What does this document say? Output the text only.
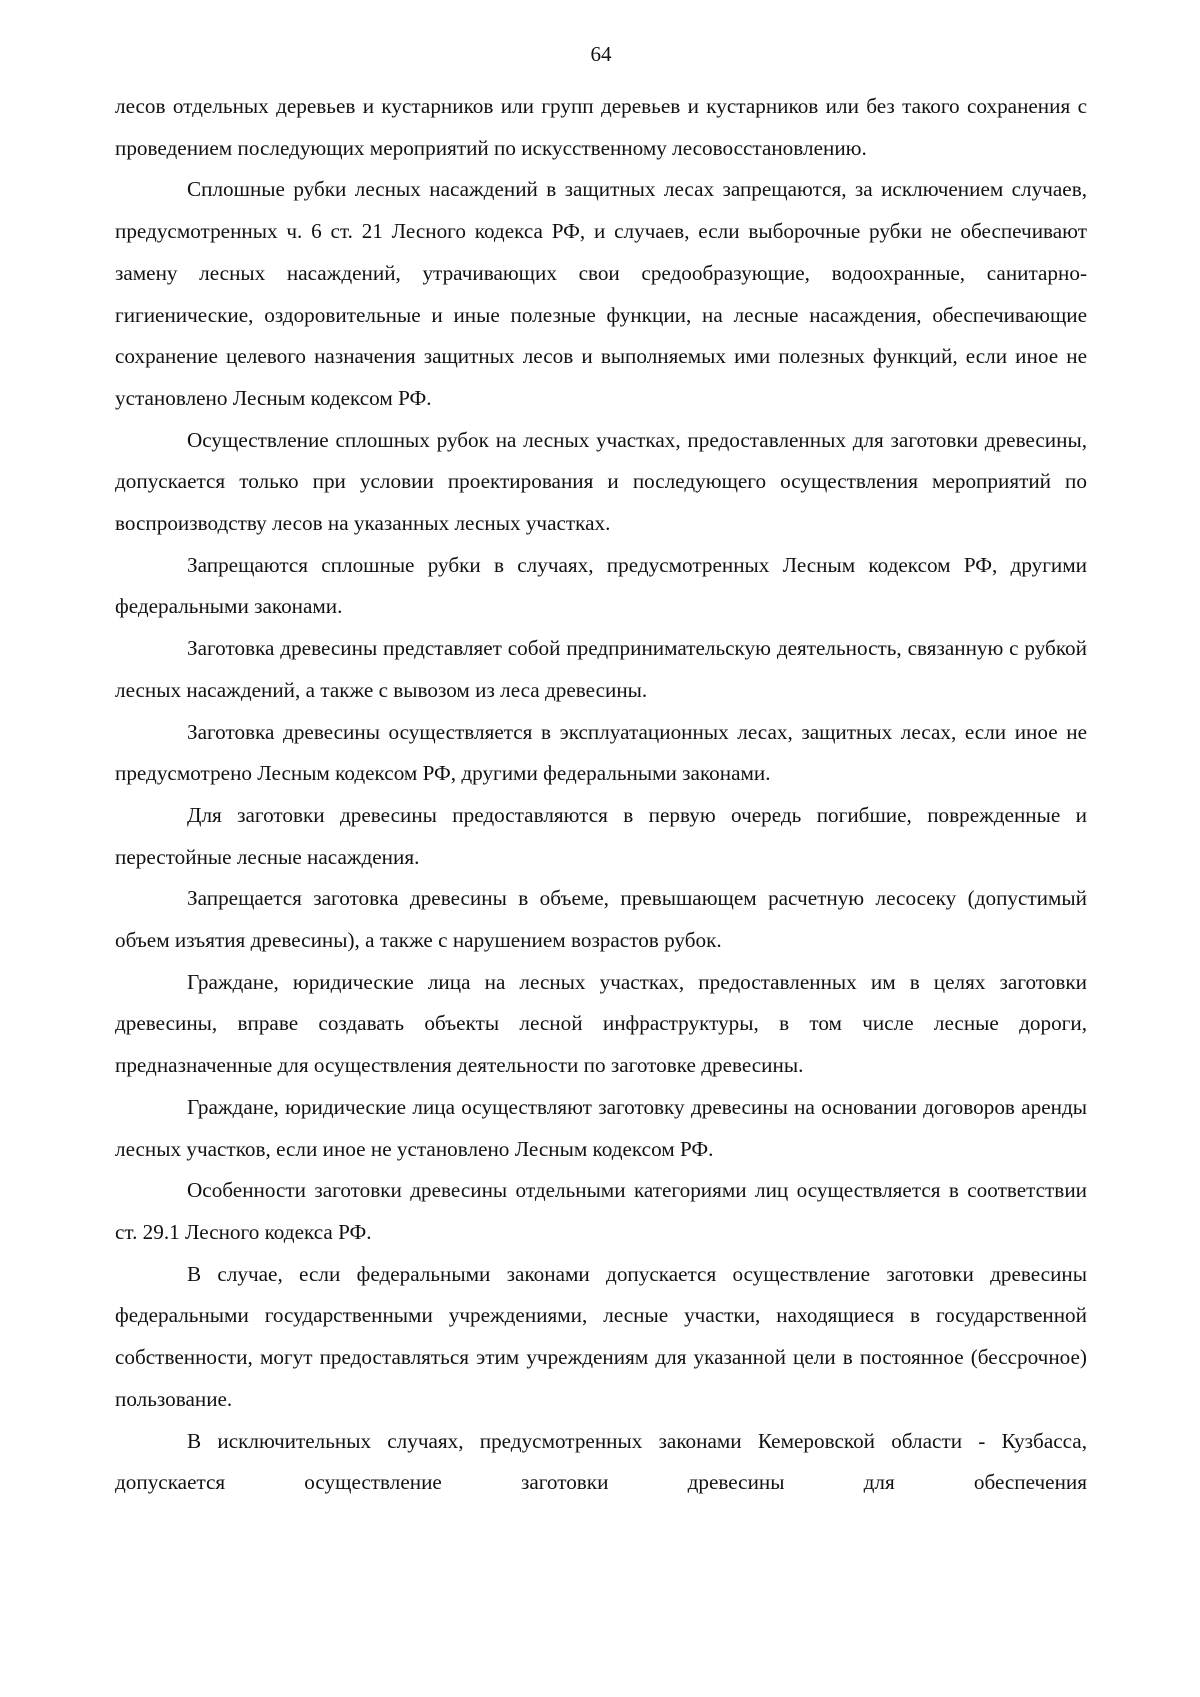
64

лесов отдельных деревьев и кустарников или групп деревьев и кустарников или без такого сохранения с проведением последующих мероприятий по искусственному лесовосстановлению.

Сплошные рубки лесных насаждений в защитных лесах запрещаются, за исключением случаев, предусмотренных ч. 6 ст. 21 Лесного кодекса РФ, и случаев, если выборочные рубки не обеспечивают замену лесных насаждений, утрачивающих свои средообразующие, водоохранные, санитарно-гигиенические, оздоровительные и иные полезные функции, на лесные насаждения, обеспечивающие сохранение целевого назначения защитных лесов и выполняемых ими полезных функций, если иное не установлено Лесным кодексом РФ.

Осуществление сплошных рубок на лесных участках, предоставленных для заготовки древесины, допускается только при условии проектирования и последующего осуществления мероприятий по воспроизводству лесов на указанных лесных участках.

Запрещаются сплошные рубки в случаях, предусмотренных Лесным кодексом РФ, другими федеральными законами.

Заготовка древесины представляет собой предпринимательскую деятельность, связанную с рубкой лесных насаждений, а также с вывозом из леса древесины.

Заготовка древесины осуществляется в эксплуатационных лесах, защитных лесах, если иное не предусмотрено Лесным кодексом РФ, другими федеральными законами.

Для заготовки древесины предоставляются в первую очередь погибшие, поврежденные и перестойные лесные насаждения.

Запрещается заготовка древесины в объеме, превышающем расчетную лесосеку (допустимый объем изъятия древесины), а также с нарушением возрастов рубок.

Граждане, юридические лица на лесных участках, предоставленных им в целях заготовки древесины, вправе создавать объекты лесной инфраструктуры, в том числе лесные дороги, предназначенные для осуществления деятельности по заготовке древесины.

Граждане, юридические лица осуществляют заготовку древесины на основании договоров аренды лесных участков, если иное не установлено Лесным кодексом РФ.

Особенности заготовки древесины отдельными категориями лиц осуществляется в соответствии ст. 29.1 Лесного кодекса РФ.

В случае, если федеральными законами допускается осуществление заготовки древесины федеральными государственными учреждениями, лесные участки, находящиеся в государственной собственности, могут предоставляться этим учреждениям для указанной цели в постоянное (бессрочное) пользование.

В исключительных случаях, предусмотренных законами Кемеровской области - Кузбасса, допускается осуществление заготовки древесины для обеспечения
